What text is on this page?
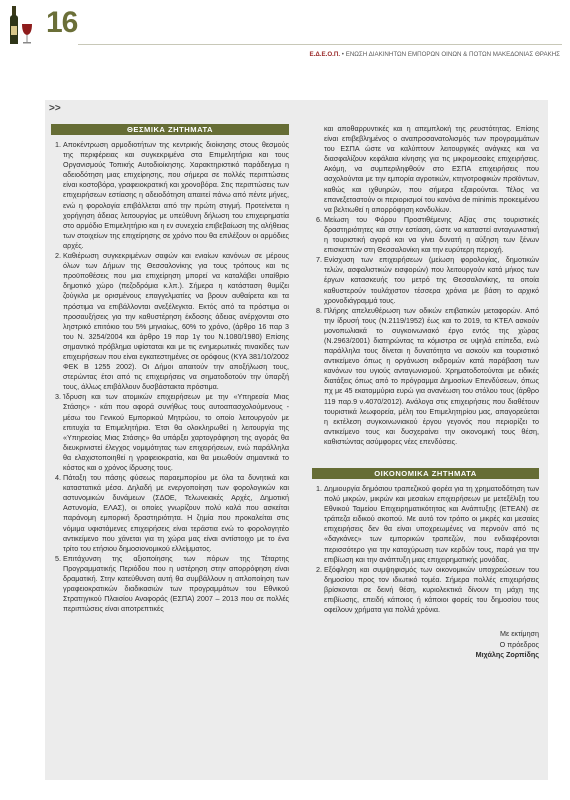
16
Ε.Δ.Ε.Ο.Π. • ΕΝΩΣΗ ΔΙΑΚΙΝΗΤΩΝ ΕΜΠΟΡΩΝ ΟΙΝΩΝ & ΠΟΤΩΝ ΜΑΚΕΔΟΝΙΑΣ ΘΡΑΚΗΣ
>>
ΘΕΣΜΙΚΑ ΖΗΤΗΜΑΤΑ
1. Αποκέντρωση αρμοδιοτήτων της κεντρικής διοίκησης στους θεσμούς της περιφέρειας και συγκεκριμένα στα Επιμελητήρια και τους Οργανισμούς Τοπικής Αυτοδιοίκησης. Χαρακτηριστικό παράδειγμα η αδειοδότηση μιας επιχείρησης, που σήμερα σε πολλές περιπτώσεις είναι κοστοβόρα, γραφειοκρατική και χρονοβόρα. Στις περιπτώσεις των επιχειρήσεων εστίασης η αδειοδότηση απαιτεί πάνω από πέντε μήνες, ενώ η φορολογία επιβάλλεται από την πρώτη στιγμή. Προτείνεται η χορήγηση άδειας λειτουργίας με υπεύθυνη δήλωση του επιχειρηματία στο αρμόδιο Επιμελητήριο και η εν συνεχεία επιβεβαίωση της αλήθειας των στοιχείων της επιχείρησης σε χρόνο που θα επιλέξουν οι αρμόδιες αρχές.
2. Καθιέρωση συγκεκριμένων σαφών και ενιαίων κανόνων σε μέρους όλων των Δήμων της Θεσσαλονίκης για τους τρόπους και τις προϋποθέσεις που μια επιχείρηση μπορεί να καταλάβει υπαίθριο δημοτικό χώρο (πεζοδρόμια κ.λπ.). Σήμερα η κατάσταση θυμίζει ζούγκλα με ορισμένους επαγγελματίες να βρουν αυθαίρετα και τα πρόστιμα να επιβάλλονται ανεξέλεγκτα. Εκτός από τα πρόστιμα οι προσαυξήσεις για την καθυστέρηση έκδοσης άδειας ανέρχονται στο ληστρικό επιτόκιο του 5% μηνιαίως, 60% το χρόνο, (άρθρο 16 παρ 3 του Ν. 3254/2004 και άρθρο 19 παρ 1γ του Ν.1080/1980) Επίσης σημαντικό πρόβλημα υφίσταται και με τις ενημερωτικές πινακίδες των επιχειρήσεων που είναι εγκατεστημένες σε ορόφους (ΚΥΑ 381/10/2002 ΦΕΚ Β 1255 2002). Οι Δήμοι απαιτούν την αποξήλωση τους, στερώντας έτσι από τις επιχειρήσεις να σηματοδοτούν την ύπαρξή τους, άλλως επιβάλλουν δυσβάστακτα πρόστιμα.
3. Ίδρυση και των ατομικών επιχειρήσεων με την «Υπηρεσία Μιας Στάσης» - κάτι που αφορά συνήθως τους αυτοαπασχολούμενους - μέσω του Γενικού Εμπορικού Μητρώου, το οποίο λειτουργούν με επιτυχία τα Επιμελητήρια. Έτσι θα ολοκληρωθεί η λειτουργία της «Υπηρεσίας Μιας Στάσης» θα υπάρξει χαρτογράφηση της αγοράς θα διευκρινιστεί έλεγχος νομιμότητας των επιχειρήσεων, ενώ παράλληλα θα ελαχιστοποιηθεί η γραφειοκρατία, και θα μειωθούν σημαντικά το κόστος και ο χρόνος ίδρυσης τους.
4. Πάταξη του πάσης φύσεως παραεμπορίου με όλα τα δυνητικά και καταστατικά μέσα. Δηλαδή με ενεργοποίηση των φορολογικών και αστυνομικών δυνάμεων (ΣΔΟΕ, Τελωνειακές Αρχές, Δημοτική Αστυνομία, ΕΛΑΣ), οι οποίες γνωρίζουν πολύ καλά που ασκείται παράνομη εμπορική δραστηριότητα. Η ζημία που προκαλείται στις νόμιμα υφιστάμενες επιχειρήσεις είναι τεράστια ενώ το φορολογητέο αντικείμενο που χάνεται για τη χώρα μας είναι αντίστοιχο με το ένα τρίτο του ετήσιου δημοσιονομικού ελλείμματος.
5. Επιτάχυνση της αξιοποίησης των πόρων της Τέταρτης Προγραμματικής Περιόδου που η υστέρηση στην απορρόφηση είναι δραματική. Στην κατεύθυνση αυτή θα συμβάλλουν η απλοποίηση των γραφειοκρατικών διαδικασιών των προγραμμάτων του Εθνικού Στρατηγικού Πλαισίου Αναφοράς (ΕΣΠΑ) 2007 – 2013 που σε πολλές περιπτώσεις είναι αποτρεπτικές
και αποθαρρυντικές και η απεμπλοκή της ρευστότητας. Επίσης είναι επιβεβλημένος ο αναπροσανατολισμός των προγραμμάτων του ΕΣΠΑ ώστε να καλύπτουν λειτουργικές ανάγκες και να διασφαλίζουν κεφάλαια κίνησης για τις μικρομεσαίες επιχειρήσεις. Ακόμη, να συμπεριληφθούν στο ΕΣΠΑ επιχειρήσεις που ασχολούνται με την εμπορία αγροτικών, κτηνοτροφικών προϊόντων, καθώς και ιχθυηρών, που σήμερα εξαιρούνται. Τέλος να επανεξεταστούν οι περιορισμοί του κανόνα de minimis προκειμένου να βελτιωθεί η απορρόφηση κονδυλίων.
6. Μείωση του Φόρου Προστιθέμενης Αξίας στις τουριστικές δραστηριότητες και στην εστίαση, ώστε να καταστεί ανταγωνιστική η τουριστική αγορά και να γίνει δυνατή η αύξηση των ξένων επισκεπτών στη Θεσσαλονίκη και την ευρύτερη περιοχή.
7. Ενίσχυση των επιχειρήσεων (μείωση φορολογίας, δημοτικών τελών, ασφαλιστικών εισφορών) που λειτουργούν κατά μήκος των έργων κατασκευής του μετρό της Θεσσαλονίκης, τα οποία καθυστερούν τουλάχιστον τέσσερα χρόνια με βάση το αρχικό χρονοδιάγραμμά τους.
8. Πλήρης απελευθέρωση των οδικών επιβατικών μεταφορών. Από την ίδρυσή τους (Ν.2119/1952) έως και το 2019, τα ΚΤΕΛ ασκούν μονοπωλιακά το συγκοινωνιακό έργο εντός της χώρας (Ν.2963/2001) διατηρώντας τα κόμιστρα σε υψηλά επίπεδα, ενώ παράλληλα τους δίνεται η δυνατότητα να ασκούν και τουριστικό αντικείμενο όπως η οργάνωση εκδρομών κατά παράβαση των κανόνων του υγιούς ανταγωνισμού. Χρηματοδοτούνται με ειδικές διατάξεις όπως από το πρόγραμμα Δημοσίων Επενδύσεων, όπως πχ με 45 εκατομμύρια ευρώ για ανανέωση του στόλου τους (άρθρο 119 παρ.9 ν.4070/2012). Ανάλογα στις επιχειρήσεις που διαθέτουν τουριστικά λεωφορεία, μέλη του Επιμελητηρίου μας, απαγορεύεται η εκτέλεση συγκοινωνιακού έργου γεγονός που περιορίζει το αντικείμενο τους και δυσχεραίνει την οικονομική τους θέση, καθιστώντας ασύμφορες νέες επενδύσεις.
ΟΙΚΟΝΟΜΙΚΑ ΖΗΤΗΜΑΤΑ
1. Δημιουργία δημόσιου τραπεζικού φορέα για τη χρηματοδότηση των πολύ μικρών, μικρών και μεσαίων επιχειρήσεων με μετεξέλιξη του Εθνικού Ταμείου Επιχειρηματικότητας και Ανάπτυξης (ΕΤΕΑΝ) σε τράπεζα ειδικού σκοπού. Με αυτό τον τρόπο οι μικρές και μεσαίες επιχειρήσεις δεν θα είναι υποχρεωμένες να περνούν από τις «δαγκάνες» των εμπορικών τραπεζών, που ενδιαφέρονται περισσότερο για την κατοχύρωση των κερδών τους, παρά για την επιβίωση και την ανάπτυξη μιας επιχειρηματικής μονάδας.
2. Εξόφληση και συμψηφισμός των οικονομικών υποχρεώσεων του δημοσίου προς τον ιδιωτικό τομέα. Σήμερα πολλές επιχειρήσεις βρίσκονται σε δεινή θέση, κυριολεκτικά δίνουν τη μάχη της επιβίωσης, επειδή κάποιος ή κάποιοι φορείς του δημοσίου τους οφείλουν χρήματα για πολλά χρόνια.
Με εκτίμηση
Ο πρόεδρος
Μιχάλης Ζορπίδης
